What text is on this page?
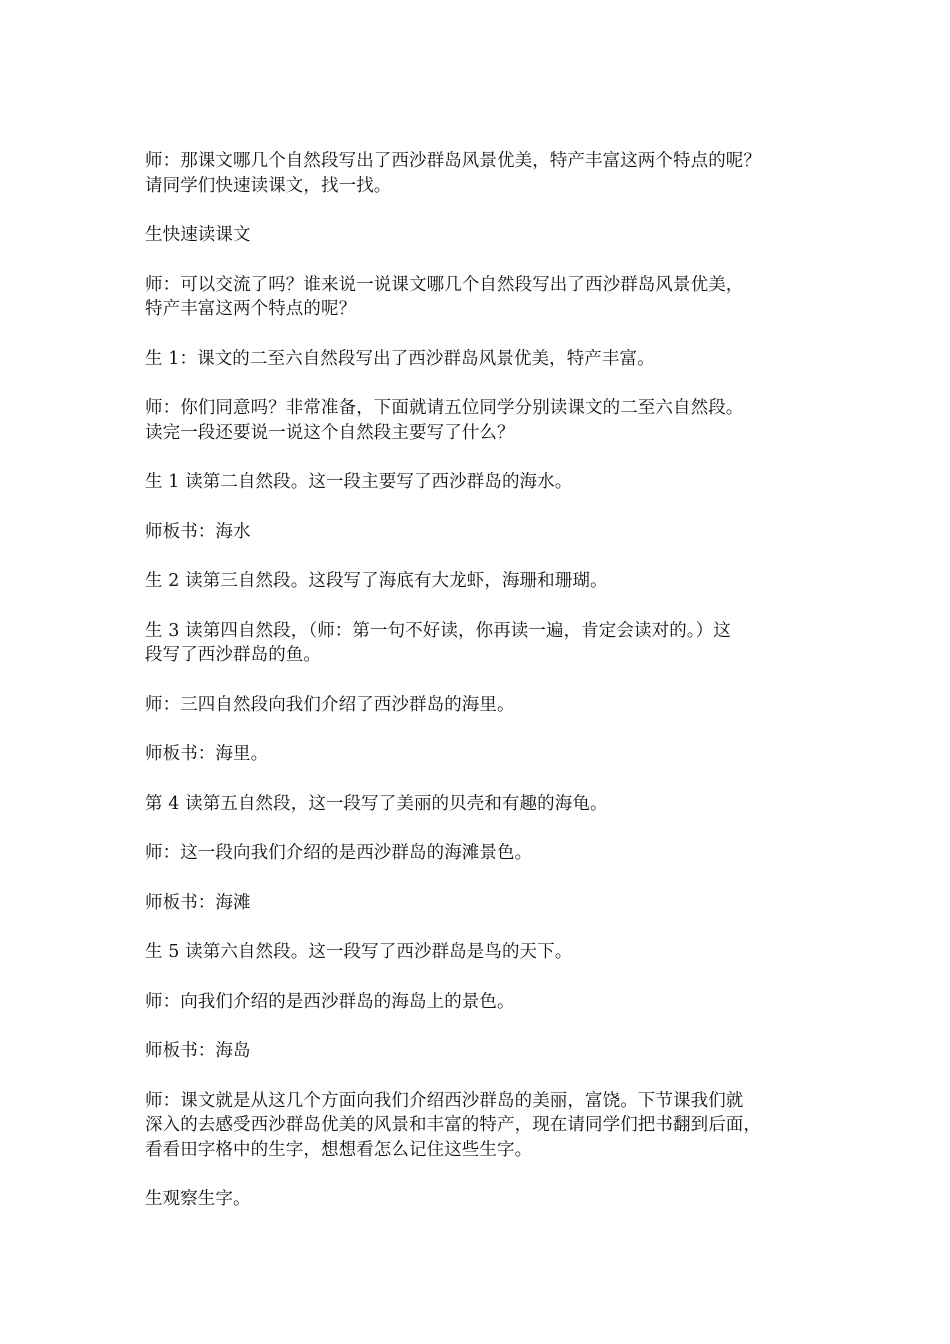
师：那课文哪几个自然段写出了西沙群岛风景优美，特产丰富这两个特点的呢？
请同学们快速读课文，找一找。

生快速读课文

师：可以交流了吗？谁来说一说课文哪几个自然段写出了西沙群岛风景优美，
特产丰富这两个特点的呢？

生 1：课文的二至六自然段写出了西沙群岛风景优美，特产丰富。

师：你们同意吗？非常准备，下面就请五位同学分别读课文的二至六自然段。
读完一段还要说一说这个自然段主要写了什么？

生 1 读第二自然段。这一段主要写了西沙群岛的海水。

师板书：海水

生 2 读第三自然段。这段写了海底有大龙虾，海珊和珊瑚。

生 3 读第四自然段，（师：第一句不好读，你再读一遍，肯定会读对的。）这
段写了西沙群岛的鱼。

师：三四自然段向我们介绍了西沙群岛的海里。

师板书：海里。

第 4 读第五自然段，这一段写了美丽的贝壳和有趣的海龟。

师：这一段向我们介绍的是西沙群岛的海滩景色。

师板书：海滩

生 5 读第六自然段。这一段写了西沙群岛是鸟的天下。

师：向我们介绍的是西沙群岛的海岛上的景色。

师板书：海岛

师：课文就是从这几个方面向我们介绍西沙群岛的美丽，富饶。下节课我们就
深入的去感受西沙群岛优美的风景和丰富的特产，现在请同学们把书翻到后面，
看看田字格中的生字，想想看怎么记住这些生字。

生观察生字。
